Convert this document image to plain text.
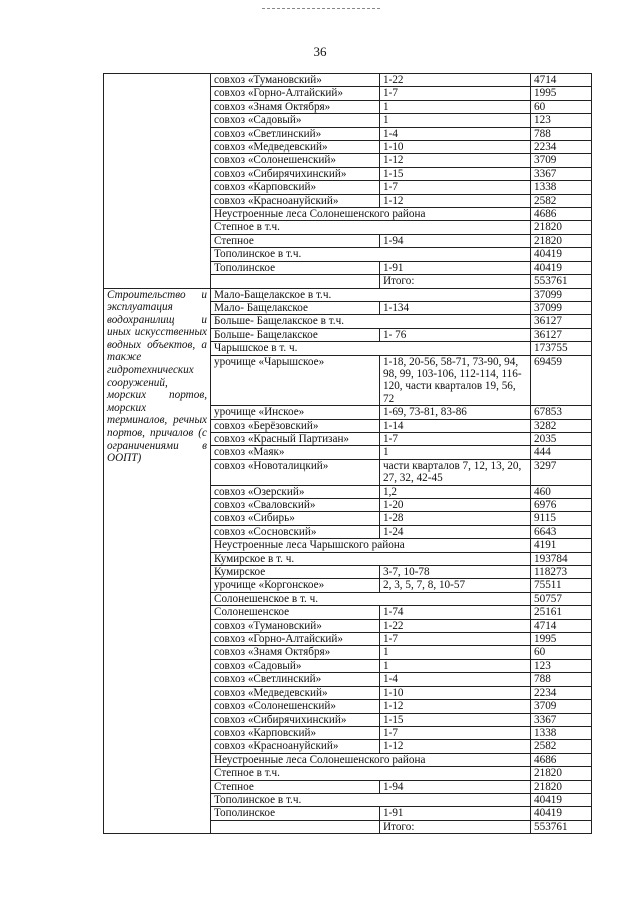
36
	совхоз «Тумановский»	1-22	4714
	совхоз «Горно-Алтайский»	1-7	1995
	совхоз «Знамя Октября»	1	60
	совхоз «Садовый»	1	123
	совхоз «Светлинский»	1-4	788
	совхоз «Медведевский»	1-10	2234
	совхоз «Солонешенский»	1-12	3709
	совхоз «Сибирячихинский»	1-15	3367
	совхоз «Карповский»	1-7	1338
	совхоз «Красноануйский»	1-12	2582
	Неустроенные леса Солонешенского района		4686
	Степное в т.ч.		21820
	Степное	1-94	21820
	Тополинское в т.ч.		40419
	Тополинское	1-91	40419
		Итого:	553761
Строительство и эксплуатация водохранилищ и иных искусственных водных объектов, а также гидротехнических сооружений, морских портов, морских терминалов, речных портов, причалов (с ограничениями в ООПТ)	Мало-Бащелакское в т.ч.		37099
	Мало- Бащелакское	1-134	37099
	Больше- Бащелакское в т.ч.		36127
	Больше- Бащелакское	1- 76	36127
	Чарышское в т. ч.		173755
	урочище «Чарышское»	1-18, 20-56, 58-71, 73-90, 94, 98, 99, 103-106, 112-114, 116-120, части кварталов 19, 56, 72	69459
	урочище «Инское»	1-69, 73-81, 83-86	67853
	совхоз «Берёзовский»	1-14	3282
	совхоз «Красный Партизан»	1-7	2035
	совхоз «Маяк»	1	444
	совхоз «Новоталицкий»	части кварталов 7, 12, 13, 20, 27, 32, 42-45	3297
	совхоз «Озерский»	1,2	460
	совхоз «Сваловский»	1-20	6976
	совхоз «Сибирь»	1-28	9115
	совхоз «Сосновский»	1-24	6643
	Неустроенные леса Чарышского района		4191
	Кумирское в т. ч.		193784
	Кумирское	3-7, 10-78	118273
	урочище «Коргонское»	2, 3, 5, 7, 8, 10-57	75511
	Солонешенское в т. ч.		50757
	Солонешенское	1-74	25161
	совхоз «Тумановский»	1-22	4714
	совхоз «Горно-Алтайский»	1-7	1995
	совхоз «Знамя Октября»	1	60
	совхоз «Садовый»	1	123
	совхоз «Светлинский»	1-4	788
	совхоз «Медведевский»	1-10	2234
	совхоз «Солонешенский»	1-12	3709
	совхоз «Сибирячихинский»	1-15	3367
	совхоз «Карповский»	1-7	1338
	совхоз «Красноануйский»	1-12	2582
	Неустроенные леса Солонешенского района		4686
	Степное в т.ч.		21820
	Степное	1-94	21820
	Тополинское в т.ч.		40419
	Тополинское	1-91	40419
		Итого:	553761
